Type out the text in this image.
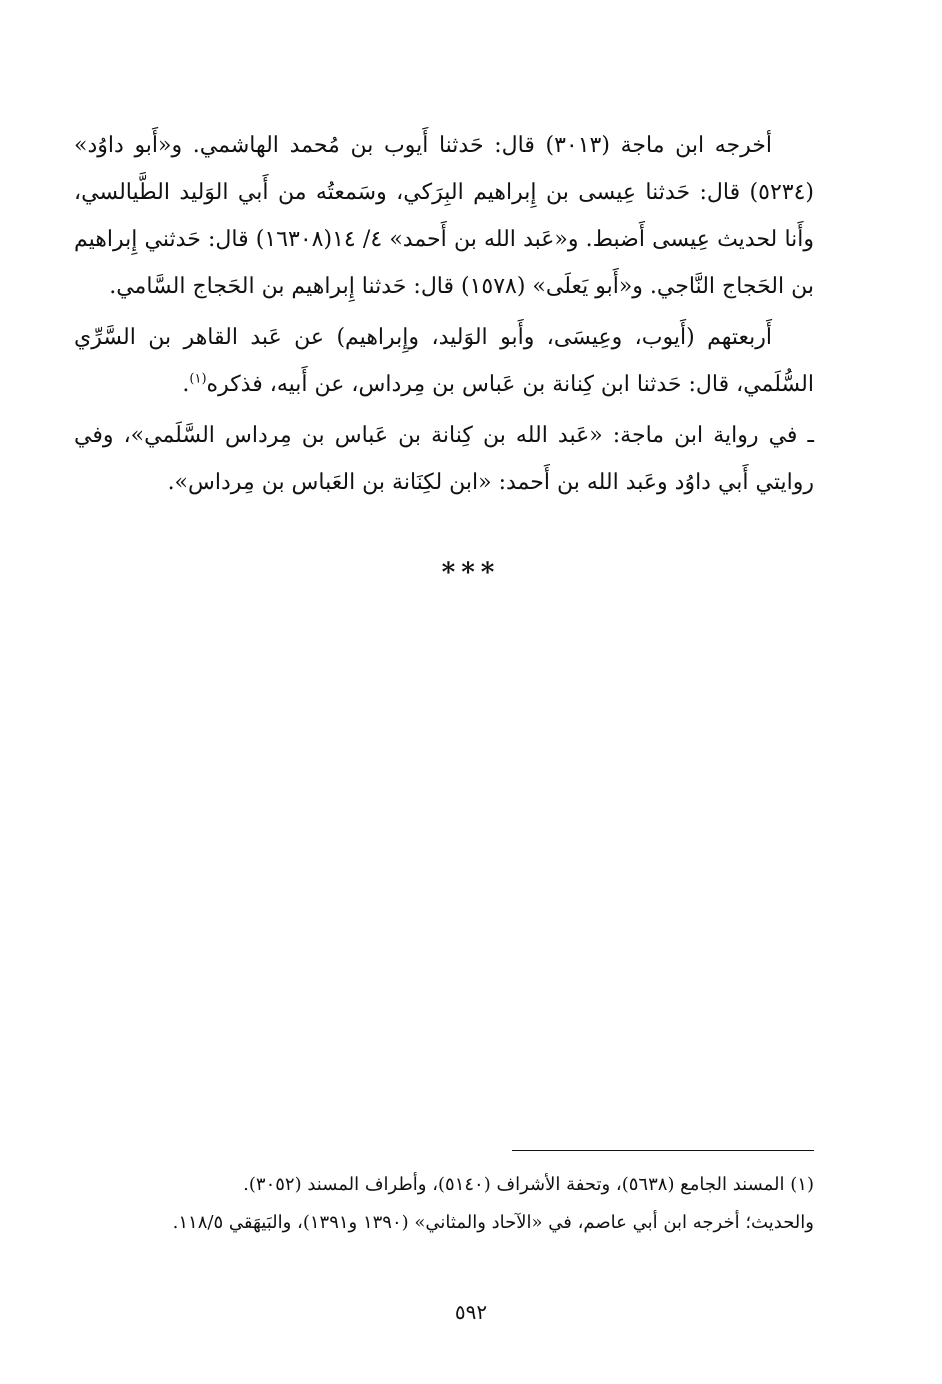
أخرجه ابن ماجة (٣٠١٣) قال: حَدثنا أَيوب بن مُحمد الهاشمي. و«أَبو داوُد» (٥٢٣٤) قال: حَدثنا عِيسى بن إِبراهيم البِرَكي، وسَمعتُه من أَبي الوَليد الطَّيالسي، وأَنا لحديث عِيسى أَضبط. و«عَبد الله بن أَحمد» ٤/ ١٤(١٦٣٠٨) قال: حَدثني إِبراهيم بن الحَجاج النَّاجي. و«أَبو يَعلَى» (١٥٧٨) قال: حَدثنا إِبراهيم بن الحَجاج السَّامي.

أَربعتهم (أَيوب، وعِيسَى، وأَبو الوَليد، وإِبراهيم) عن عَبد القاهر بن السَّرِّي السُّلَمي، قال: حَدثنا ابن كِنانة بن عَباس بن مِرداس، عن أَبيه، فذكره$^{(١)}$.

ـ في رواية ابن ماجة: «عَبد الله بن كِنانة بن عَباس بن مِرداس السَّلَمي»، وفي روايتي أَبي داوُد وعَبد الله بن أَحمد: «ابن لكِنَانة بن العَباس بن مِرداس».

***

(١) المسند الجامع (٥٦٣٨)، وتحفة الأشراف (٥١٤٠)، وأطراف المسند (٣٠٥٢).

والحديث؛ أخرجه ابن أبي عاصم، في «الآحاد والمثاني» (١٣٩٠ و١٣٩١)، والبَيهَقي ١١٨/٥.

٥٩٢
